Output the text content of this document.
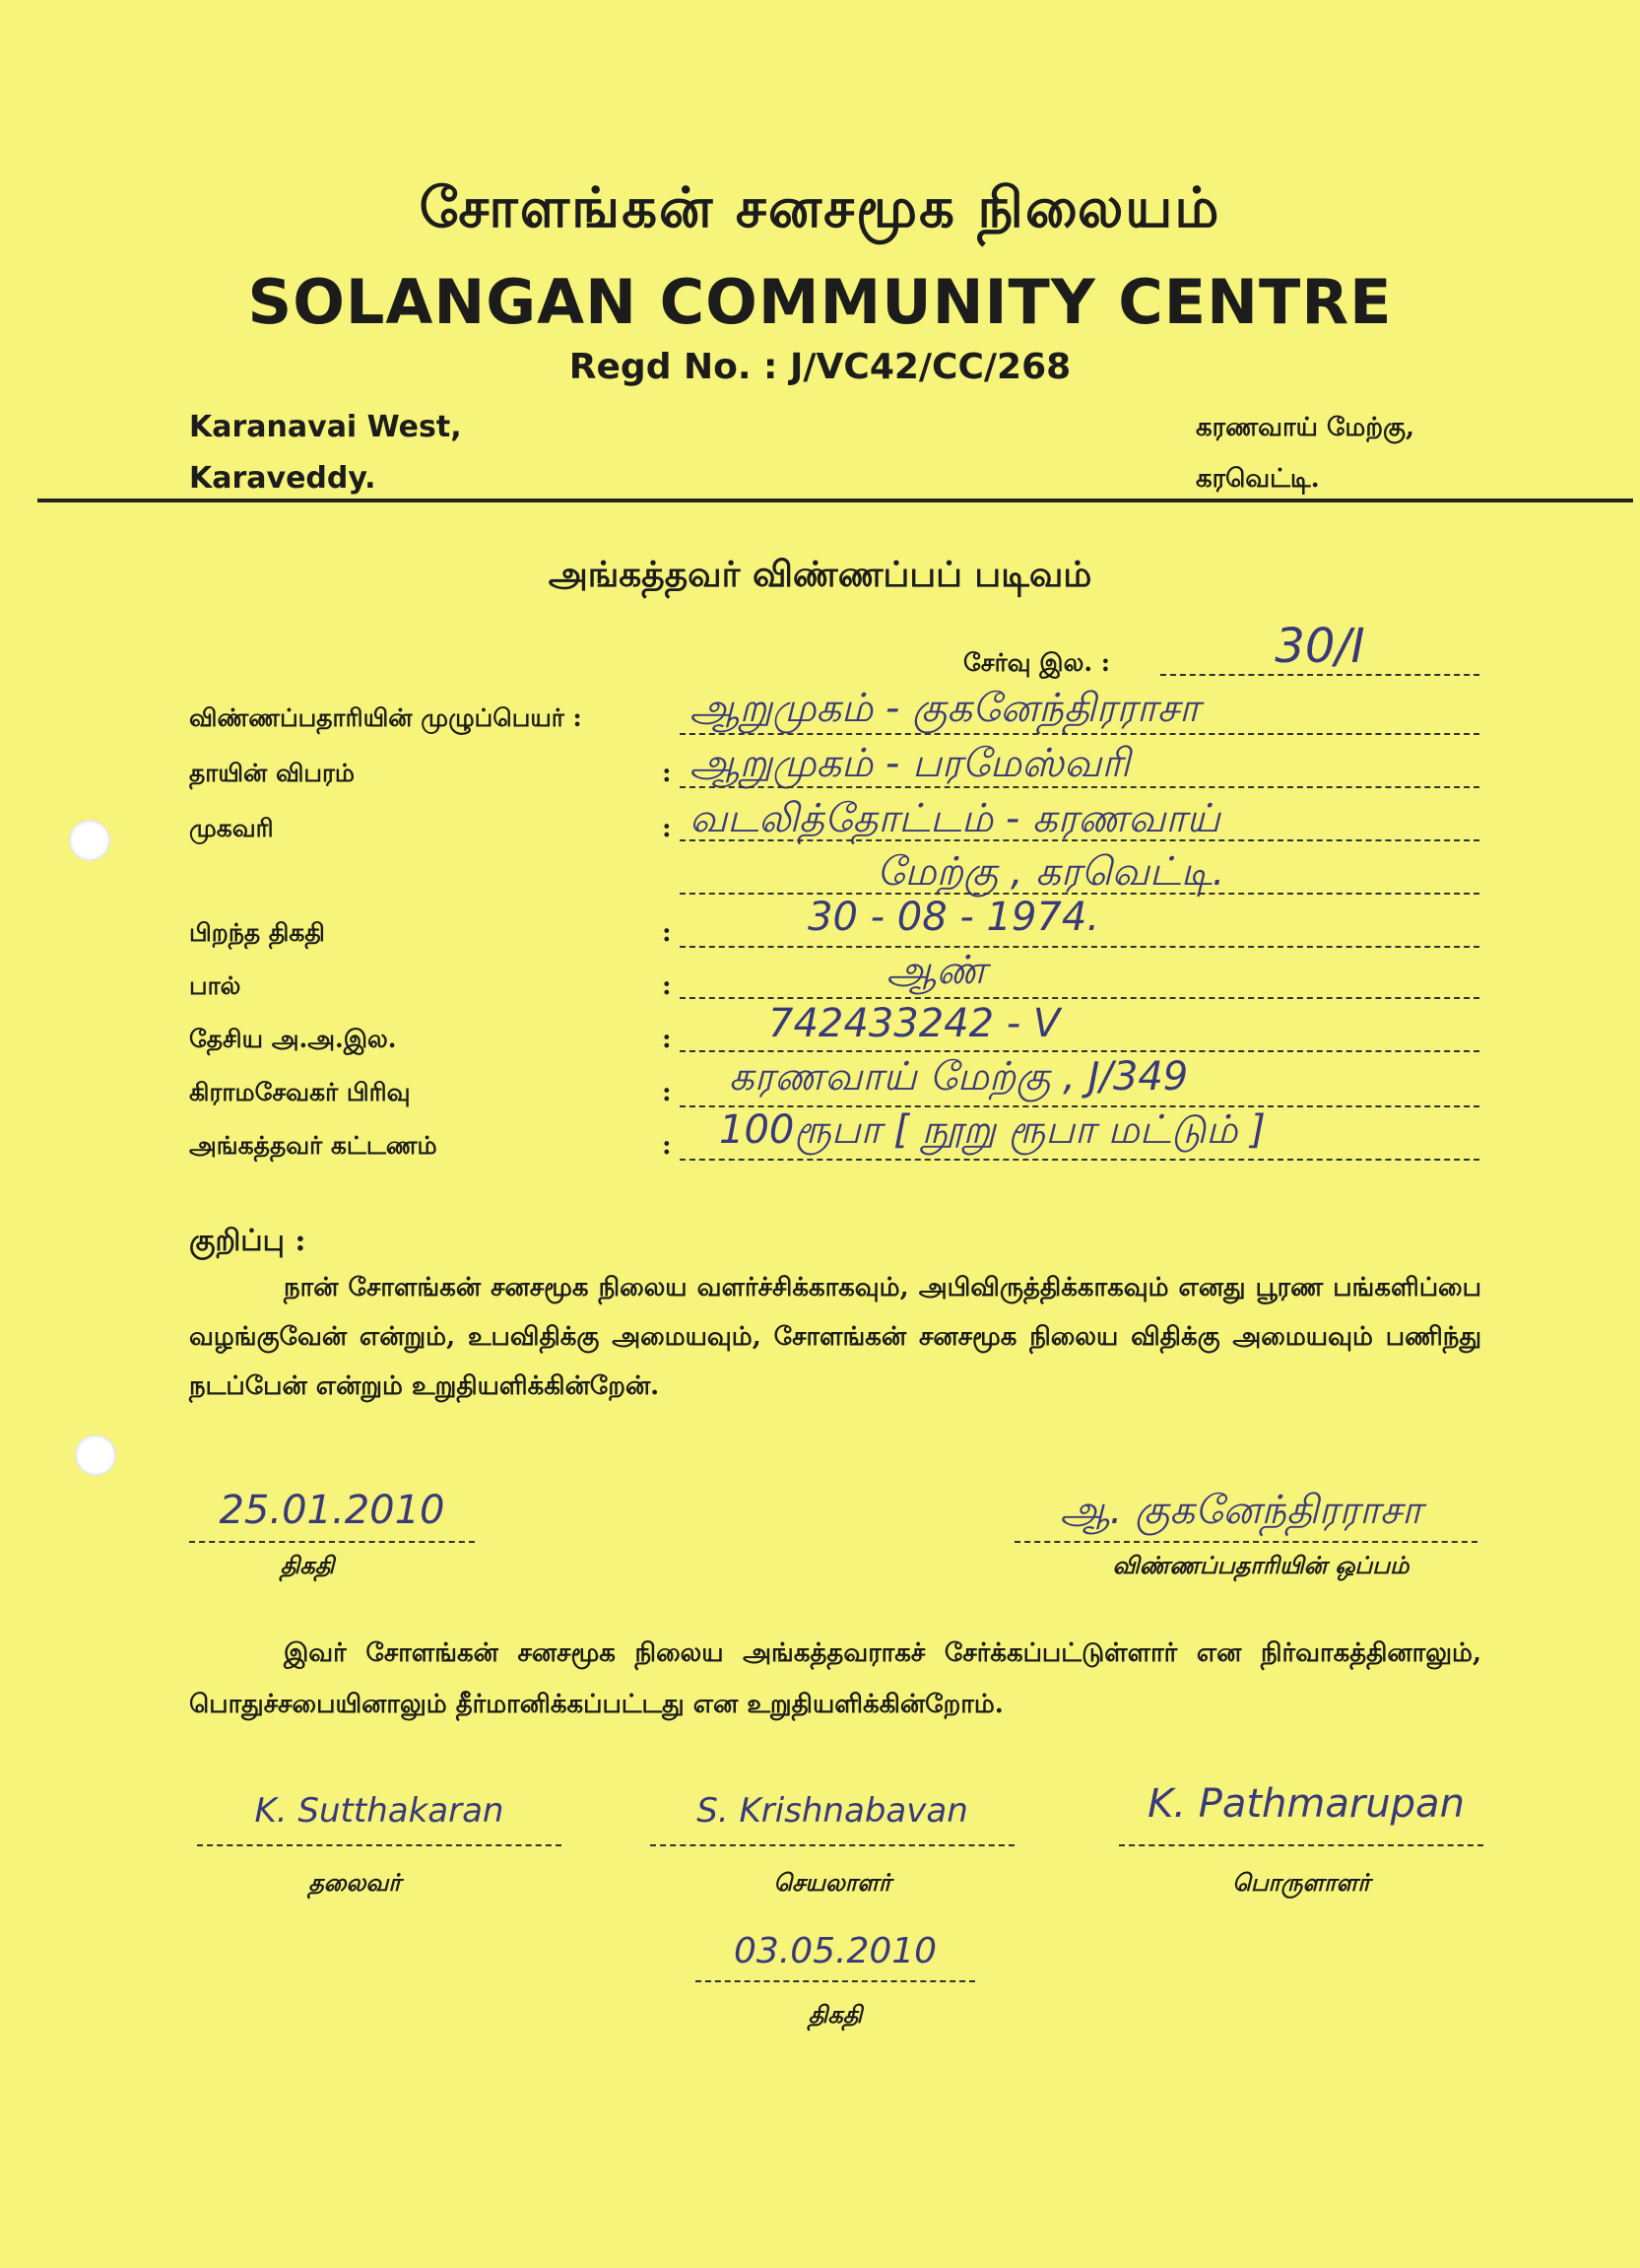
சோளங்கன் சனசமூக நிலையம்
SOLANGAN COMMUNITY CENTRE
Regd No. : J/VC42/CC/268
Karanavai West,
Karaveddy.
கரணவாய் மேற்கு,
கரவெட்டி.
அங்கத்தவர் விண்ணப்பப் படிவம்
சேர்வு இல. :	30/I
விண்ணப்பதாரியின் முழுப்பெயர் :	ஆறுமுகம் - குகனேந்திரராசா
தாயின் விபரம்	: ஆறுமுகம் - பரமேஸ்வரி
முகவரி	: வடலித்தோட்டம் - கரணவாய்
மேற்கு , கரவெட்டி.
பிறந்த திகதி	:	30 - 08 - 1974.
பால்	:	ஆண்
தேசிய அ.அ.இல.	:	742433242 - V
கிராமசேவகர் பிரிவு	:	கரணவாய் மேற்கு , J/349
அங்கத்தவர் கட்டணம்	:	100ரூபா [ நூறு ரூபா மட்டும் ]
குறிப்பு :
நான் சோளங்கன் சனசமூக நிலைய வளர்ச்சிக்காகவும், அபிவிருத்திக்காகவும் எனது பூரண பங்களிப்பை வழங்குவேன் என்றும், உபவிதிக்கு அமையவும், சோளங்கன் சனசமூக நிலைய விதிக்கு அமையவும் பணிந்து நடப்பேன் என்றும் உறுதியளிக்கின்றேன்.
25.01.2010
திகதி
ஆ. குகனேந்திரராசா
விண்ணப்பதாரியின் ஒப்பம்
இவர் சோளங்கன் சனசமூக நிலைய அங்கத்தவராகச் சேர்க்கப்பட்டுள்ளார் என நிர்வாகத்தினாலும், பொதுச்சபையினாலும் தீர்மானிக்கப்பட்டது என உறுதியளிக்கின்றோம்.
K. Sutthakaran
தலைவர்
S. Krishnabavan
செயலாளர்
K. Pathmarupan
பொருளாளர்
03.05.2010
திகதி
